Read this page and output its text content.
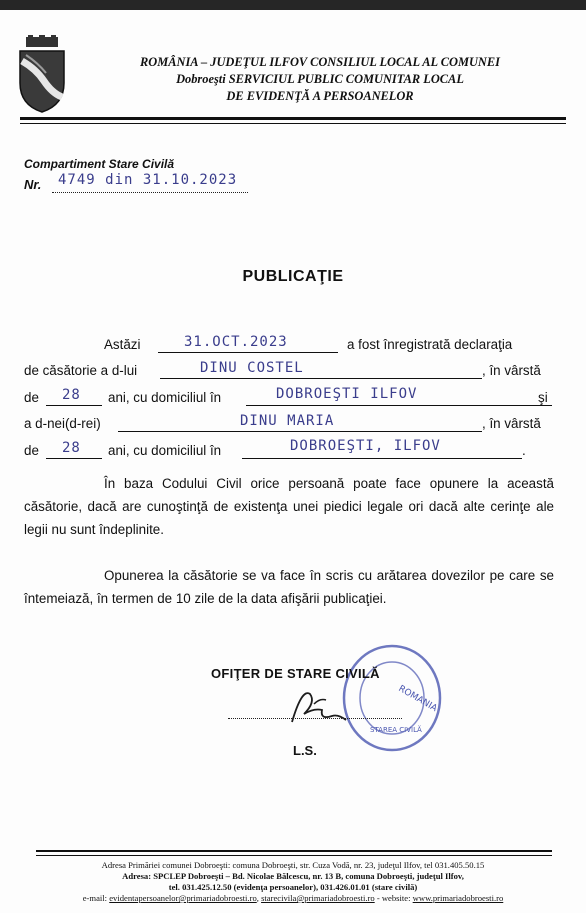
ROMÂNIA – JUDEŢUL ILFOV CONSILIUL LOCAL AL COMUNEI
Dobroeşti SERVICIUL PUBLIC COMUNITAR LOCAL
DE EVIDENŢĂ A PERSOANELOR
Compartiment Stare Civilă
Nr. 4749 din 31.10.2023
PUBLICAŢIE
Astăzi	31.OCT.2023	a fost înregistrată declaraţia
de căsătorie a d-lui	DINU COSTEL	, în vârstă
de 28 ani, cu domiciliul în	DOBROEŞTI ILFOV	şi
a d-nei(d-rei)	DINU MARIA	, în vârstă
de 28 ani, cu domiciliul în	DOBROEŞTI, ILFOV	.
În baza Codului Civil orice persoană poate face opunere la această căsătorie, dacă are cunoştinţă de existenţa unei piedici legale ori dacă alte cerinţe ale legii nu sunt îndeplinite.
Opunerea la căsătorie se va face în scris cu arătarea dovezilor pe care se întemeiază, în termen de 10 zile de la data afişării publicaţiei.
ROMANIA
STAREA CIVILĂ
OFIŢER DE STARE CIVILĂ
L.S.
Adresa Primăriei comunei Dobroeşti: comuna Dobroeşti, str. Cuza Vodă, nr. 23, judeţul Ilfov, tel 031.405.50.15
Adresa: SPCLEP Dobroeşti – Bd. Nicolae Bălcescu, nr. 13 B, comuna Dobroeşti, judeţul Ilfov,
tel. 031.425.12.50 (evidenţa persoanelor), 031.426.01.01 (stare civilă)
e-mail: evidentapersoanelor@primariadobroesti.ro, starecivila@primariadobroesti.ro - website: www.primariadobroesti.ro
